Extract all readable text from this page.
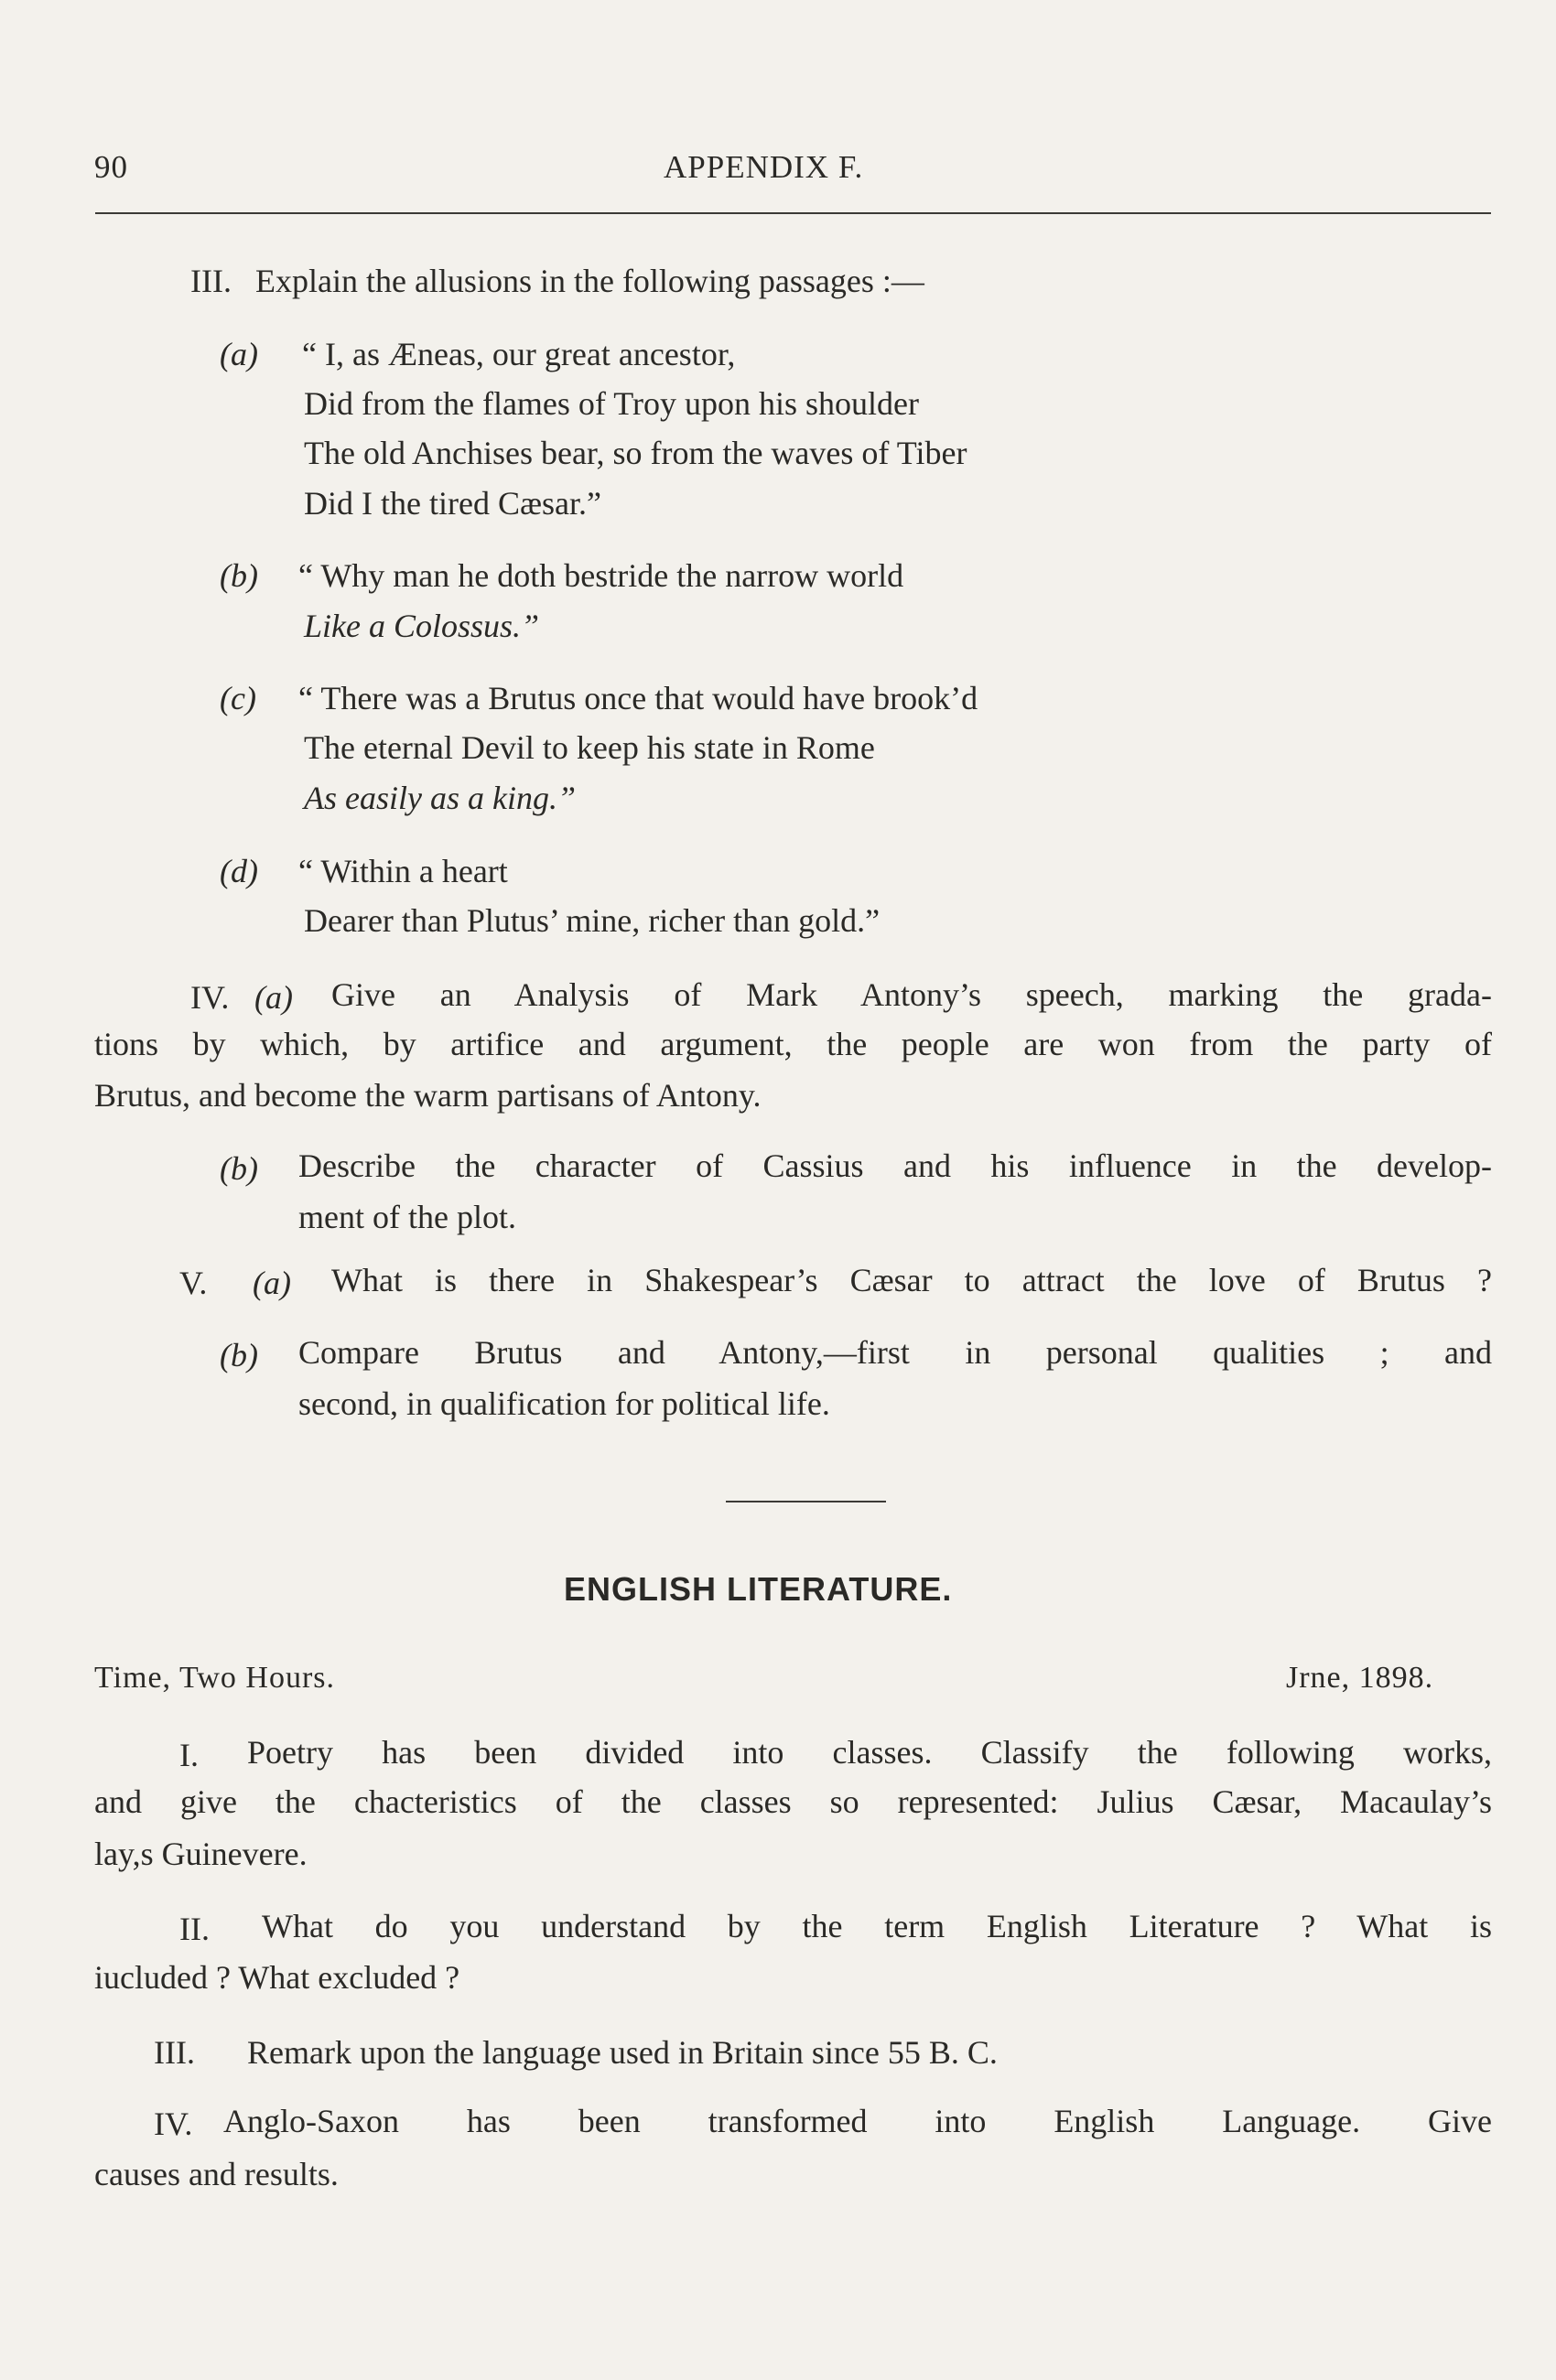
90	APPENDIX F.
III. Explain the allusions in the following passages :—
(a) “ I, as Æneas, our great ancestor,
Did from the flames of Troy upon his shoulder
The old Anchises bear, so from the waves of Tiber
Did I the tired Cæsar.”
(b) “ Why man he doth bestride the narrow world
Like a Colossus.”
(c) “ There was a Brutus once that would have brook’d
The eternal Devil to keep his state in Rome
As easily as a king.”
(d) “ Within a heart
Dearer than Plutus’ mine, richer than gold.”
IV. (a) Give an Analysis of Mark Antony’s speech, marking the grada-
tions by which, by artifice and argument, the people are won from the party of
Brutus, and become the warm partisans of Antony.
(b) Describe the character of Cassius and his influence in the develop-
ment of the plot.
V. (a) What is there in Shakespear’s Cæsar to attract the love of Brutus ?
(b) Compare Brutus and Antony,—first in personal qualities ; and
second, in qualification for political life.
ENGLISH LITERATURE.
Time, Two Hours.	Jrne, 1898.
I. Poetry has been divided into classes. Classify the following works,
and give the chacteristics of the classes so represented: Julius Cæsar, Macaulay’s
lay,s Guinevere.
II. What do you understand by the term English Literature ? What is
iucluded ? What excluded ?
III. Remark upon the language used in Britain since 55 B. C.
IV. Anglo-Saxon has been transformed into English Language. Give
causes and results.
